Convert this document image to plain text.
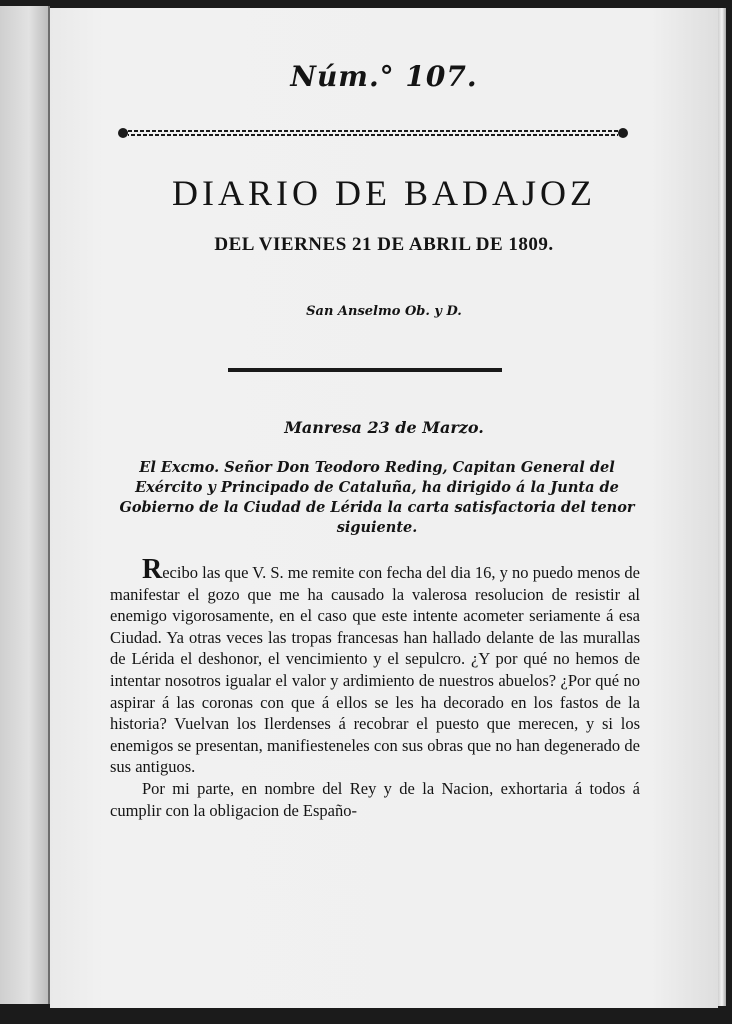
Núm.° 107.
DIARIO DE BADAJOZ
DEL VIERNES 21 DE ABRIL DE 1809.
San Anselmo Ob. y D.
Manresa 23 de Marzo.
El Excmo. Señor Don Teodoro Reding, Capitan General del Exército y Principado de Cataluña, ha dirigido á la Junta de Gobierno de la Ciudad de Lérida la carta satisfactoria del tenor siguiente.

Recibo las que V. S. me remite con fecha del dia 16, y no puedo menos de manifestar el gozo que me ha causado la valerosa resolucion de resistir al enemigo vigorosamente, en el caso que este intente acometer seriamente á esa Ciudad. Ya otras veces las tropas francesas han hallado delante de las murallas de Lérida el deshonor, el vencimiento y el sepulcro. ¿Y por qué no hemos de intentar nosotros igualar el valor y ardimiento de nuestros abuelos? ¿Por qué no aspirar á las coronas con que á ellos se les ha decorado en los fastos de la historia? Vuelvan los Ilerdenses á recobrar el puesto que merecen, y si los enemigos se presentan, manifiesteneles con sus obras que no han degenerado de sus antiguos.

Por mi parte, en nombre del Rey y de la Nacion, exhortaria á todos á cumplir con la obligacion de Españo-
